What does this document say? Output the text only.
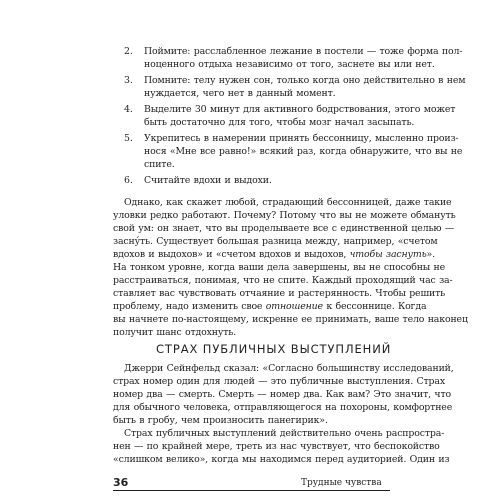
2. Поймите: расслабленное лежание в постели — тоже форма пол-
ноценного отдыха независимо от того, заснете вы или нет.
3. Помните: телу нужен сон, только когда оно действительно в нем
нуждается, чего нет в данный момент.
4. Выделите 30 минут для активного бодрствования, этого может
быть достаточно для того, чтобы мозг начал засыпать.
5. Укрепитесь в намерении принять бессонницу, мысленно произ-
нося «Мне все равно!» всякий раз, когда обнаружите, что вы не
спите.
6. Считайте вдохи и выдохи.
Однако, как скажет любой, страдающий бессонницей, даже такие
уловки редко работают. Почему? Потому что вы не можете обмануть
свой ум: он знает, что вы проделываете все с единственной целью —
засну́ть. Существует большая разница между, например, «счетом
вдохов и выдохов» и «счетом вдохов и выдохов, чтобы заснуть».
На тонком уровне, когда ваши дела завершены, вы не способны не
расстраиваться, понимая, что не спите. Каждый проходящий час за-
ставляет вас чувствовать отчаяние и растерянность. Чтобы решить
проблему, надо изменить свое отношение к бессоннице. Когда
вы начнете по-настоящему, искренне ее принимать, ваше тело наконец
получит шанс отдохнуть.
Джерри Сейнфельд сказал: «Согласно большинству исследований,
страх номер один для людей — это публичные выступления. Страх
номер два — смерть. Смерть — номер два. Как вам? Это значит, что
для обычного человека, отправляющегося на похороны, комфортнее
быть в гробу, чем произносить панегирик».
Страх публичных выступлений действительно очень распростра-
нен — по крайней мере, треть из нас чувствует, что беспокойство
«слишком велико», когда мы находимся перед аудиторией. Один из
СТРАХ ПУБЛИЧНЫХ ВЫСТУПЛЕНИЙ
36	Трудные чувства
